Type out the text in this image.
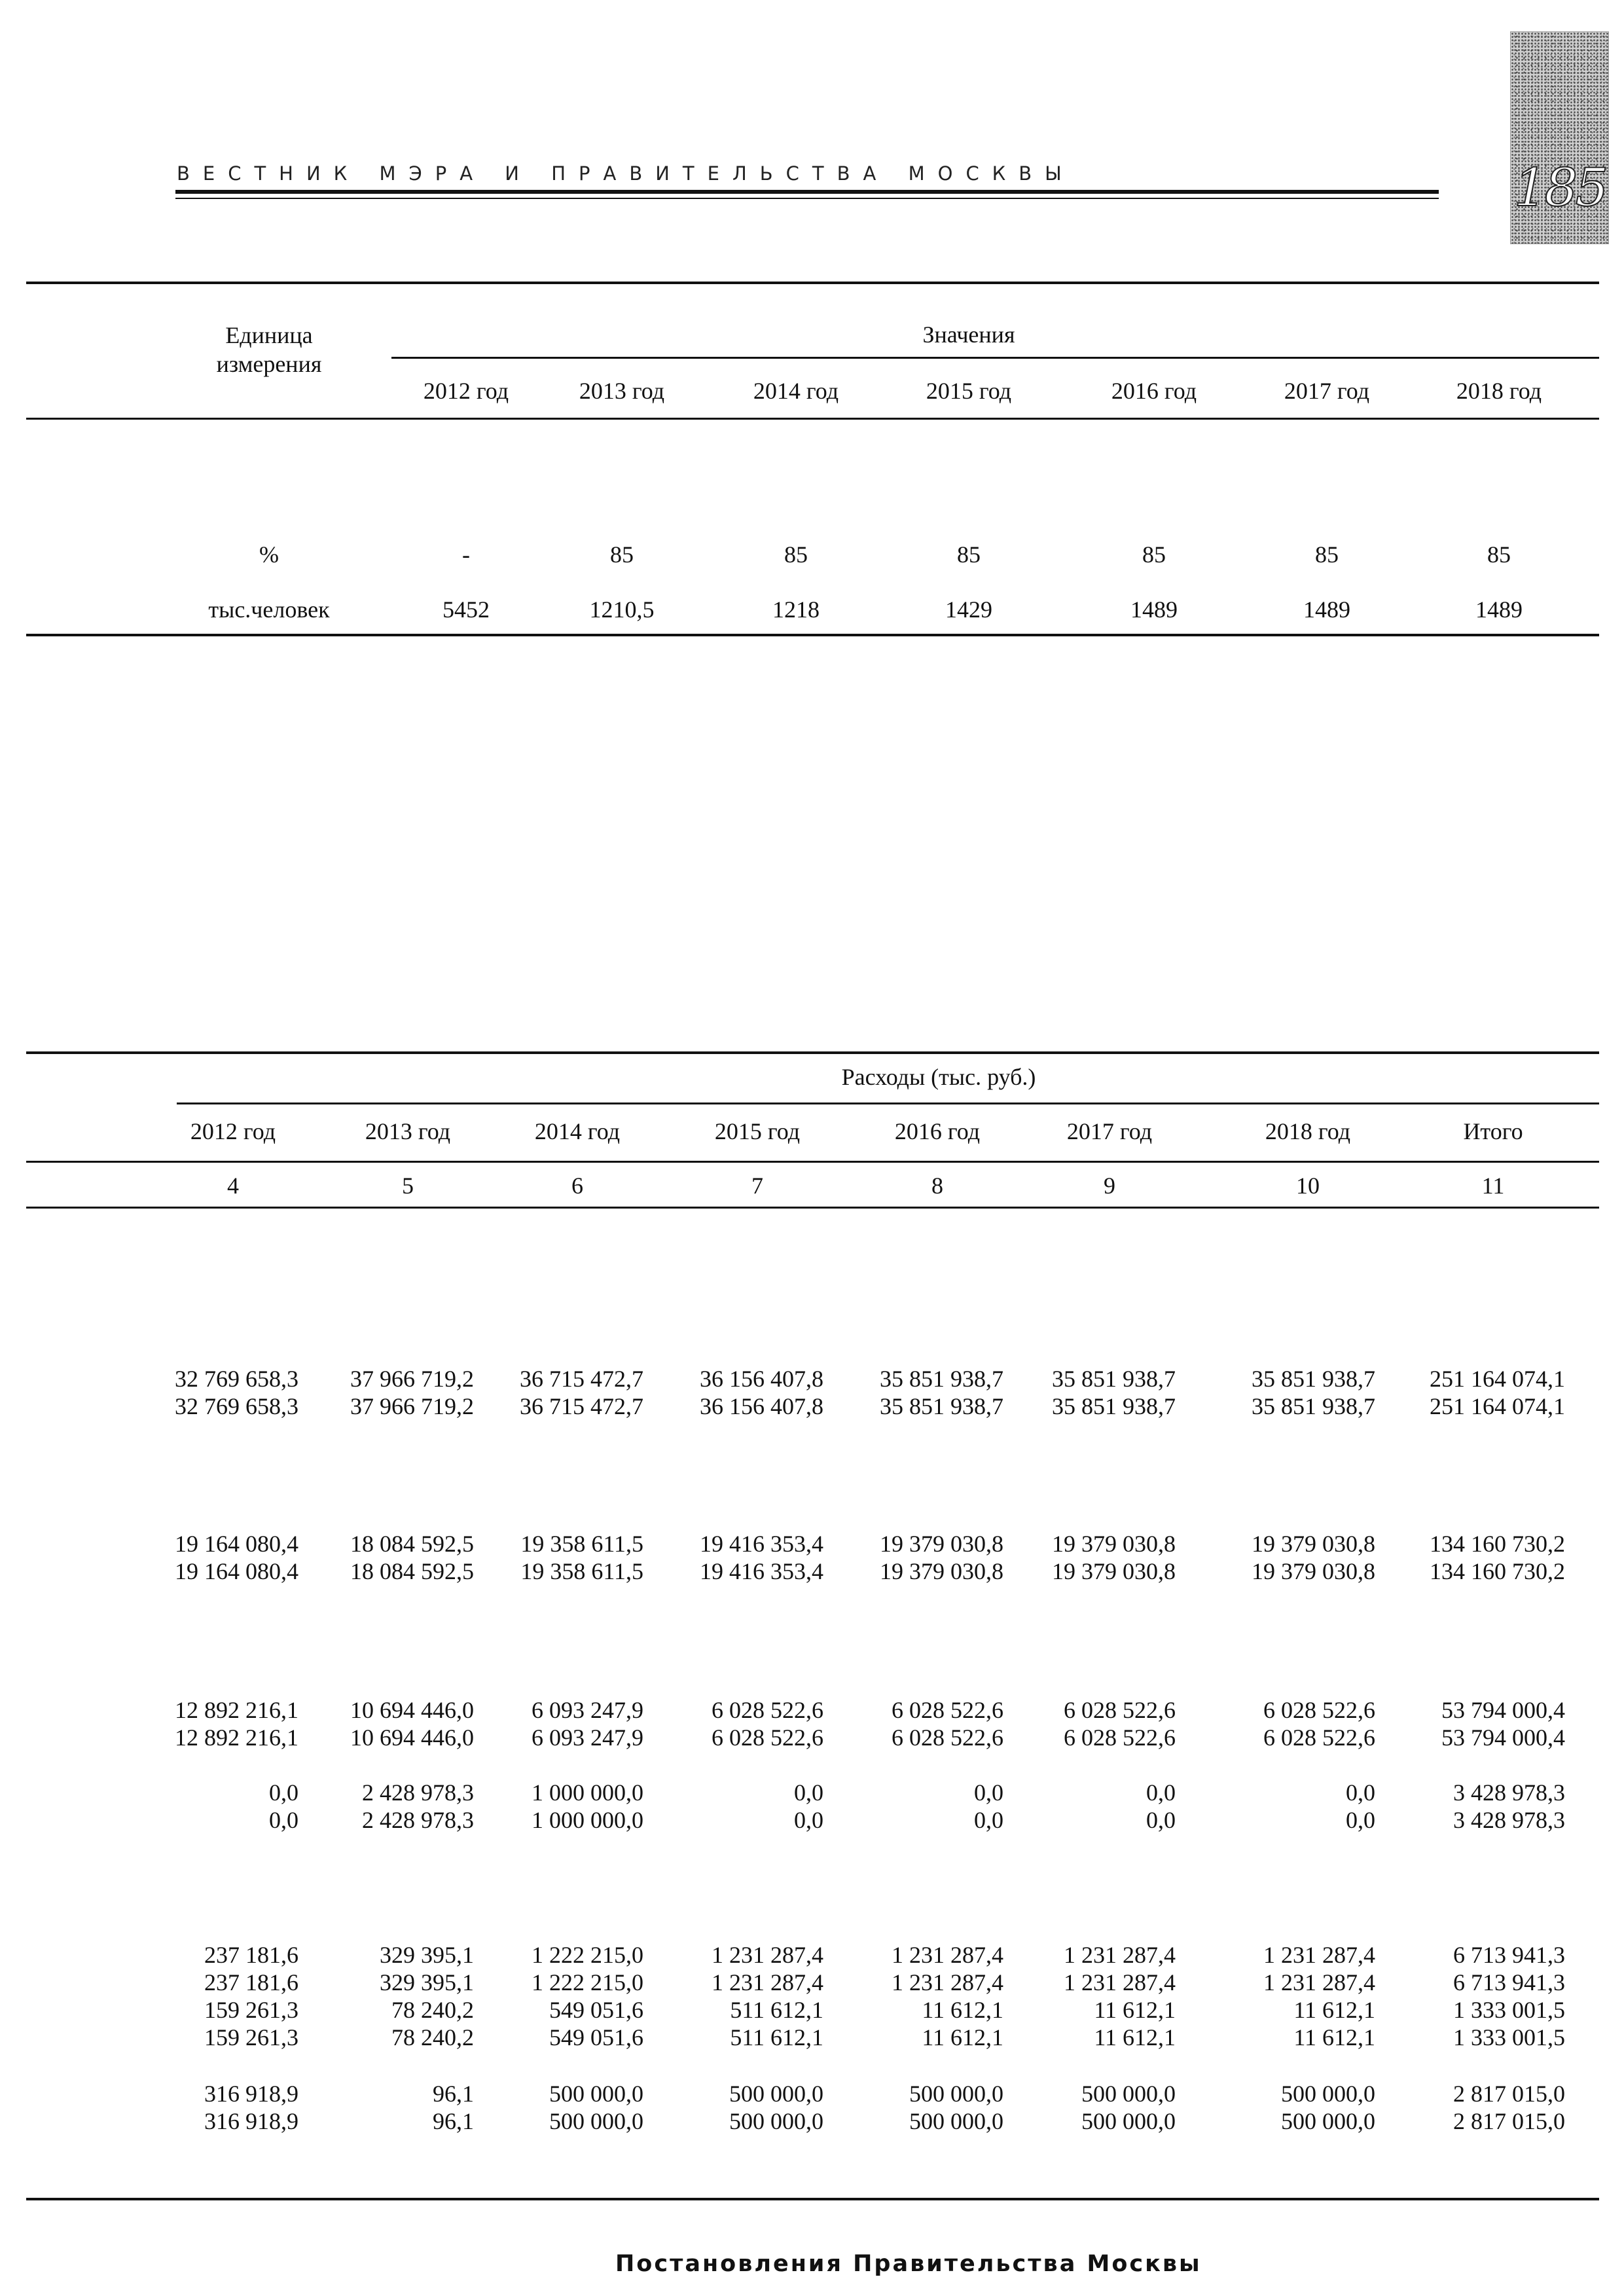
ВЕСТНИК МЭРА И ПРАВИТЕЛЬСТВА МОСКВЫ	185
Единица
измерения
Значения
2012 год	2013 год	2014 год	2015 год	2016 год	2017 год	2018 год
%	-	85	85	85	85	85	85
тыс.человек	5452	1210,5	1218	1429	1489	1489	1489
Расходы (тыс. руб.)
2012 год	2013 год	2014 год	2015 год	2016 год	2017 год	2018 год	Итого
4	5	6	7	8	9	10	11
32 769 658,3	37 966 719,2	36 715 472,7	36 156 407,8	35 851 938,7	35 851 938,7	35 851 938,7	251 164 074,1
32 769 658,3	37 966 719,2	36 715 472,7	36 156 407,8	35 851 938,7	35 851 938,7	35 851 938,7	251 164 074,1
19 164 080,4	18 084 592,5	19 358 611,5	19 416 353,4	19 379 030,8	19 379 030,8	19 379 030,8	134 160 730,2
19 164 080,4	18 084 592,5	19 358 611,5	19 416 353,4	19 379 030,8	19 379 030,8	19 379 030,8	134 160 730,2
12 892 216,1	10 694 446,0	6 093 247,9	6 028 522,6	6 028 522,6	6 028 522,6	6 028 522,6	53 794 000,4
12 892 216,1	10 694 446,0	6 093 247,9	6 028 522,6	6 028 522,6	6 028 522,6	6 028 522,6	53 794 000,4
0,0	2 428 978,3	1 000 000,0	0,0	0,0	0,0	0,0	3 428 978,3
0,0	2 428 978,3	1 000 000,0	0,0	0,0	0,0	0,0	3 428 978,3
237 181,6	329 395,1	1 222 215,0	1 231 287,4	1 231 287,4	1 231 287,4	1 231 287,4	6 713 941,3
237 181,6	329 395,1	1 222 215,0	1 231 287,4	1 231 287,4	1 231 287,4	1 231 287,4	6 713 941,3
159 261,3	78 240,2	549 051,6	511 612,1	11 612,1	11 612,1	11 612,1	1 333 001,5
159 261,3	78 240,2	549 051,6	511 612,1	11 612,1	11 612,1	11 612,1	1 333 001,5
316 918,9	96,1	500 000,0	500 000,0	500 000,0	500 000,0	500 000,0	2 817 015,0
316 918,9	96,1	500 000,0	500 000,0	500 000,0	500 000,0	500 000,0	2 817 015,0
Постановления Правительства Москвы
